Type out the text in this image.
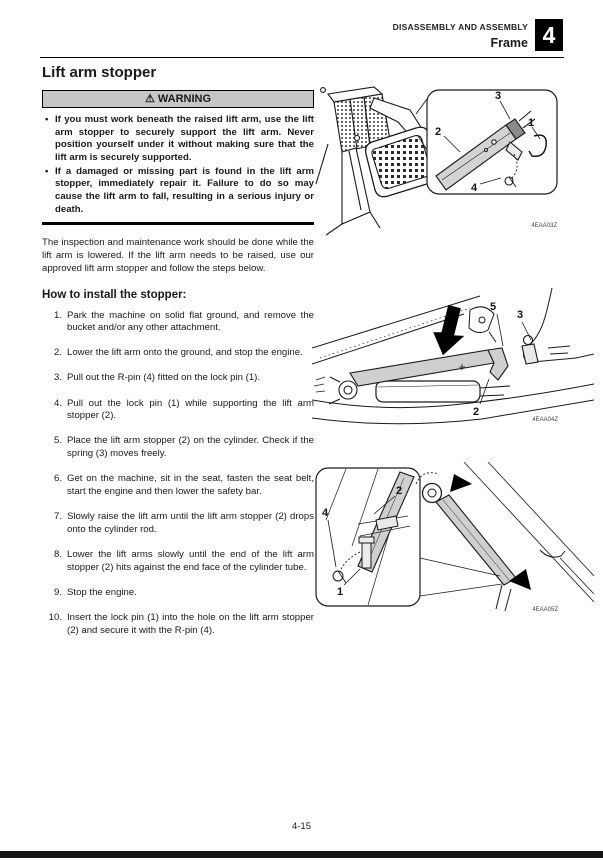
DISASSEMBLY AND ASSEMBLY
Frame 4
Lift arm stopper
⚠ WARNING
• If you must work beneath the raised lift arm, use the lift arm stopper to securely support the lift arm. Never position yourself under it without making sure that the lift arm is securely supported.
• If a damaged or missing part is found in the lift arm stopper, immediately repair it. Failure to do so may cause the lift arm to fall, resulting in a serious injury or death.

The inspection and maintenance work should be done while the lift arm is lowered. If the lift arm needs to be raised, use our approved lift arm stopper and follow the steps below.

How to install the stopper:
1. Park the machine on solid flat ground, and remove the bucket and/or any other attachment.
2. Lower the lift arm onto the ground, and stop the engine.
3. Pull out the R-pin (4) fitted on the lock pin (1).
4. Pull out the lock pin (1) while supporting the lift arm stopper (2).
5. Place the lift arm stopper (2) on the cylinder. Check if the spring (3) moves freely.
6. Get on the machine, sit in the seat, fasten the seat belt, start the engine and then lower the safety bar.
7. Slowly raise the lift arm until the lift arm stopper (2) drops onto the cylinder rod.
8. Lower the lift arms slowly until the end of the lift arm stopper (2) hits against the end face of the cylinder tube.
9. Stop the engine.
10. Insert the lock pin (1) into the hole on the lift arm stopper (2) and secure it with the R-pin (4).
2
3
1
4
4EAA03Z
5
3
2
4EAA04Z
4
2
1
4EAA05Z
4-15
